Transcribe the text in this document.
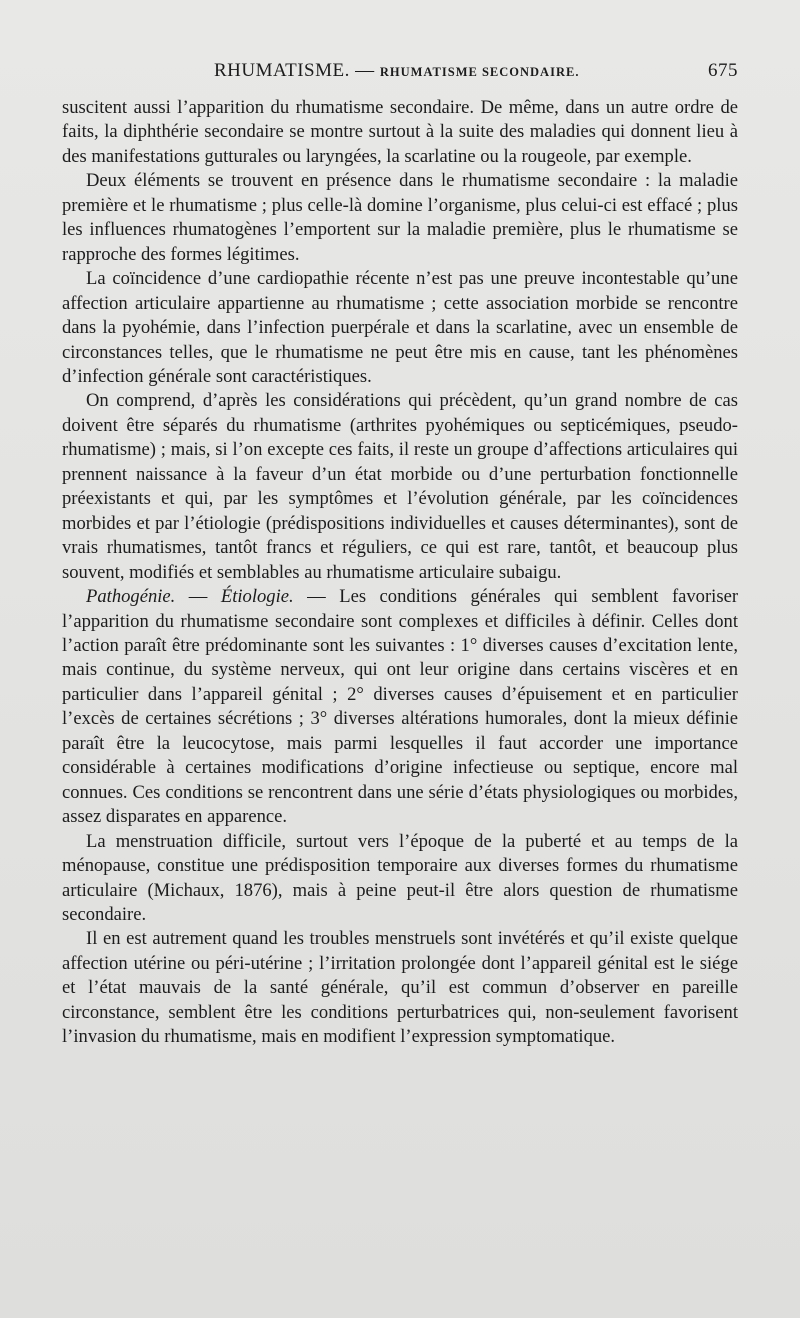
RHUMATISME. — RHUMATISME SECONDAIRE.	675

suscitent aussi l’apparition du rhumatisme secondaire. De même, dans un autre ordre de faits, la diphthérie secondaire se montre surtout à la suite des maladies qui donnent lieu à des manifestations gutturales ou laryngées, la scarlatine ou la rougeole, par exemple.

Deux éléments se trouvent en présence dans le rhumatisme secondaire : la maladie première et le rhumatisme ; plus celle-là domine l’organisme, plus celui-ci est effacé ; plus les influences rhumatogènes l’emportent sur la maladie première, plus le rhumatisme se rapproche des formes légitimes.

La coïncidence d’une cardiopathie récente n’est pas une preuve incontestable qu’une affection articulaire appartienne au rhumatisme ; cette association morbide se rencontre dans la pyohémie, dans l’infection puerpérale et dans la scarlatine, avec un ensemble de circonstances telles, que le rhumatisme ne peut être mis en cause, tant les phénomènes d’infection générale sont caractéristiques.

On comprend, d’après les considérations qui précèdent, qu’un grand nombre de cas doivent être séparés du rhumatisme (arthrites pyohémiques ou septicémiques, pseudo-rhumatisme) ; mais, si l’on excepte ces faits, il reste un groupe d’affections articulaires qui prennent naissance à la faveur d’un état morbide ou d’une perturbation fonctionnelle préexistants et qui, par les symptômes et l’évolution générale, par les coïncidences morbides et par l’étiologie (prédispositions individuelles et causes déterminantes), sont de vrais rhumatismes, tantôt francs et réguliers, ce qui est rare, tantôt, et beaucoup plus souvent, modifiés et semblables au rhumatisme articulaire subaigu.

Pathogénie. — Étiologie. — Les conditions générales qui semblent favoriser l’apparition du rhumatisme secondaire sont complexes et difficiles à définir. Celles dont l’action paraît être prédominante sont les suivantes : 1° diverses causes d’excitation lente, mais continue, du système nerveux, qui ont leur origine dans certains viscères et en particulier dans l’appareil génital ; 2° diverses causes d’épuisement et en particulier l’excès de certaines sécrétions ; 3° diverses altérations humorales, dont la mieux définie paraît être la leucocytose, mais parmi lesquelles il faut accorder une importance considérable à certaines modifications d’origine infectieuse ou septique, encore mal connues. Ces conditions se rencontrent dans une série d’états physiologiques ou morbides, assez disparates en apparence.

La menstruation difficile, surtout vers l’époque de la puberté et au temps de la ménopause, constitue une prédisposition temporaire aux diverses formes du rhumatisme articulaire (Michaux, 1876), mais à peine peut-il être alors question de rhumatisme secondaire.

Il en est autrement quand les troubles menstruels sont invétérés et qu’il existe quelque affection utérine ou péri-utérine ; l’irritation prolongée dont l’appareil génital est le siége et l’état mauvais de la santé générale, qu’il est commun d’observer en pareille circonstance, semblent être les conditions perturbatrices qui, non-seulement favorisent l’invasion du rhumatisme, mais en modifient l’expression symptomatique.
